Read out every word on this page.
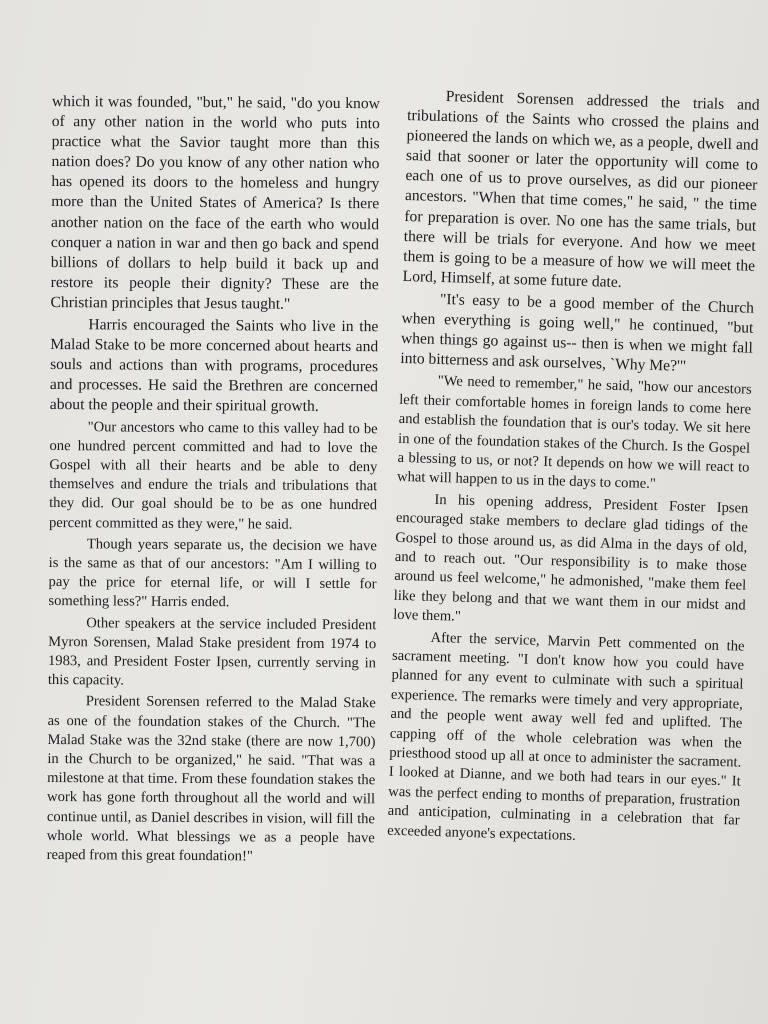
which it was founded, "but," he said, "do you know of any other nation in the world who puts into practice what the Savior taught more than this nation does? Do you know of any other nation who has opened its doors to the homeless and hungry more than the United States of America? Is there another nation on the face of the earth who would conquer a nation in war and then go back and spend billions of dollars to help build it back up and restore its people their dignity? These are the Christian principles that Jesus taught."

Harris encouraged the Saints who live in the Malad Stake to be more concerned about hearts and souls and actions than with programs, procedures and processes. He said the Brethren are concerned about the people and their spiritual growth.

"Our ancestors who came to this valley had to be one hundred percent committed and had to love the Gospel with all their hearts and be able to deny themselves and endure the trials and tribulations that they did. Our goal should be to be as one hundred percent committed as they were," he said.

Though years separate us, the decision we have is the same as that of our ancestors: "Am I willing to pay the price for eternal life, or will I settle for something less?" Harris ended.

Other speakers at the service included President Myron Sorensen, Malad Stake president from 1974 to 1983, and President Foster Ipsen, currently serving in this capacity.

President Sorensen referred to the Malad Stake as one of the foundation stakes of the Church. "The Malad Stake was the 32nd stake (there are now 1,700) in the Church to be organized," he said. "That was a milestone at that time. From these foundation stakes the work has gone forth throughout all the world and will continue until, as Daniel describes in vision, will fill the whole world. What blessings we as a people have reaped from this great foundation!"

President Sorensen addressed the trials and tribulations of the Saints who crossed the plains and pioneered the lands on which we, as a people, dwell and said that sooner or later the opportunity will come to each one of us to prove ourselves, as did our pioneer ancestors. "When that time comes," he said, " the time for preparation is over. No one has the same trials, but there will be trials for everyone. And how we meet them is going to be a measure of how we will meet the Lord, Himself, at some future date.

"It's easy to be a good member of the Church when everything is going well," he continued, "but when things go against us-- then is when we might fall into bitterness and ask ourselves, `Why Me?'"

"We need to remember," he said, "how our ancestors left their comfortable homes in foreign lands to come here and establish the foundation that is our's today. We sit here in one of the foundation stakes of the Church. Is the Gospel a blessing to us, or not? It depends on how we will react to what will happen to us in the days to come."

In his opening address, President Foster Ipsen encouraged stake members to declare glad tidings of the Gospel to those around us, as did Alma in the days of old, and to reach out. "Our responsibility is to make those around us feel welcome," he admonished, "make them feel like they belong and that we want them in our midst and love them."

After the service, Marvin Pett commented on the sacrament meeting. "I don't know how you could have planned for any event to culminate with such a spiritual experience. The remarks were timely and very appropriate, and the people went away well fed and uplifted. The capping off of the whole celebration was when the priesthood stood up all at once to administer the sacrament. I looked at Dianne, and we both had tears in our eyes." It was the perfect ending to months of preparation, frustration and anticipation, culminating in a celebration that far exceeded anyone's expectations.
